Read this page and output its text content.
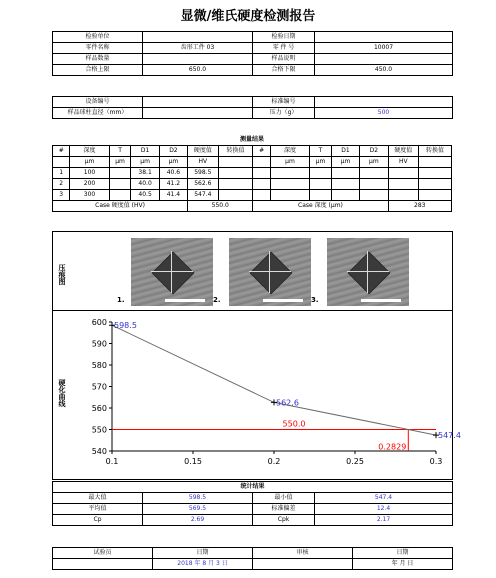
显微/维氏硬度检测报告
检验单位		检验日期	
零件名称	齿形工件 03	零 件 号	10007
样品数量		样品说明	
合格上限	650.0	合格下限	450.0
设备编号		标准编号	
样品球柱直径（mm）		压力（g）	500
测量结果													
#	深度	T	D1	D2	硬度值	转换值	#	深度	T	D1	D2	硬度值	转换值
	μm	μm	μm	μm	HV			μm	μm	μm	μm	HV	
1	100		38.1	40.6	598.5								
2	200		40.0	41.2	562.6								
3	300		40.5	41.4	547.4								
Case 硬度值 (HV)					550.0		Case 深度 (μm)					283	
压痕图
1.	2.	3.
硬化曲线
600
590
580
570
560
550
540
0.1	0.15	0.2	0.25	0.3
550.0
0.2829
598.5
562.6
547.4
统计结果			
最大值	598.5	最小值	547.4
平均值	569.5	标准偏差	12.4
Cp	2.69	Cpk	2.17
试验员	日期	审核	日期
	2018 年 8 月 3 日		年 月 日
